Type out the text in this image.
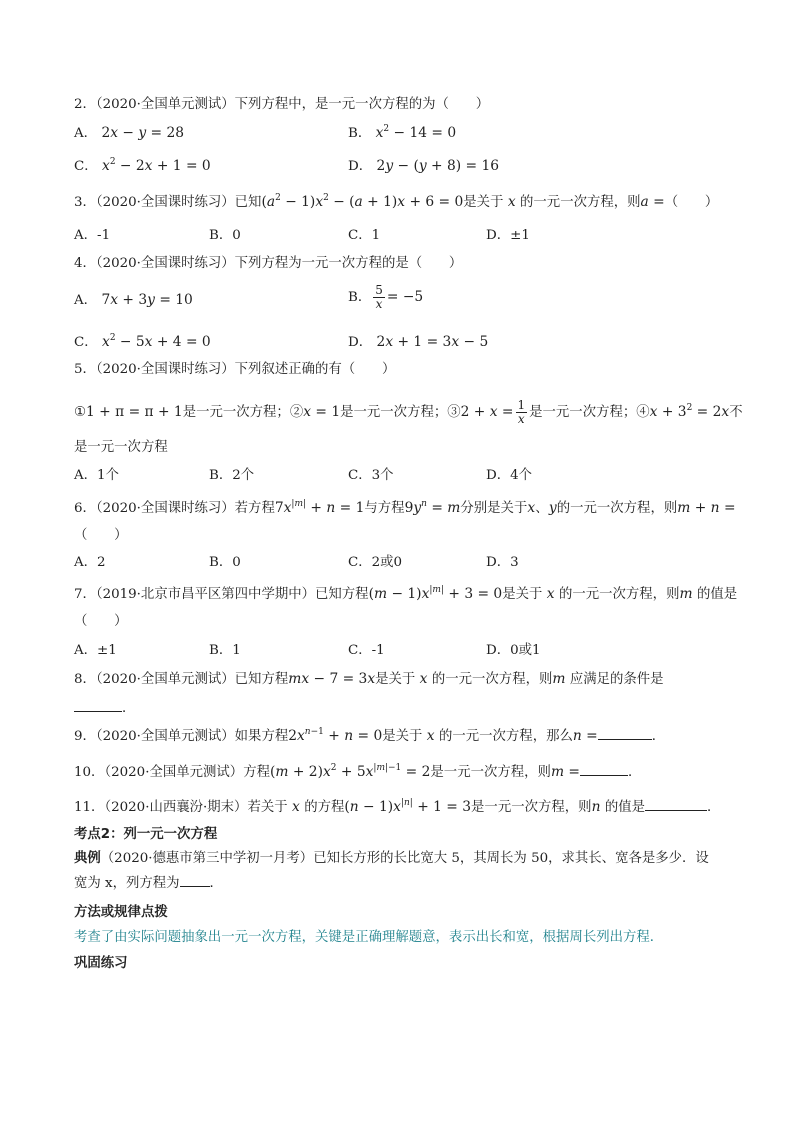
2．（2020·全国单元测试）下列方程中，是一元一次方程的为（　　）
A． 2x − y = 28	B． $x^2 - 14 = 0$
C． $x^2 - 2x + 1 = 0$	D． 2y − (y + 8) = 16
3．（2020·全国课时练习）已知$(a^2 - 1)x^2 - (a + 1)x + 6 = 0$是关于 x 的一元一次方程，则a =（　　）
A．-1	B．0	C．1	D．±1
4．（2020·全国课时练习）下列方程为一元一次方程的是（　　）
A． 7x + 3y = 10	B． $\frac{5}{x} = -5$
C． $x^2 - 5x + 4 = 0$	D． 2x + 1 = 3x − 5
5．（2020·全国课时练习）下列叙述正确的有（　　）
①1 + π = π + 1是一元一次方程；②x = 1是一元一次方程；③2 + $x = \frac{1}{x}$ 是一元一次方程；④x + $3^2 = 2x$不
是一元一次方程
A．1个	B．2个	C．3个	D．4个
6．（2020·全国课时练习）若方程$7x^{|m|} + n = 1$与方程$9y^n = m$分别是关于x、y的一元一次方程，则m + n =
（　　）
A．2	B．0	C．2或0	D．3
7．（2019·北京市昌平区第四中学期中）已知方程$(m - 1)x^{|m|} + 3 = 0$是关于 x 的一元一次方程，则m 的值是
（　　）
A．±1	B．1	C．-1	D．0或1
8．（2020·全国单元测试）已知方程mx − 7 = 3x是关于 x 的一元一次方程，则m 应满足的条件是
．
9．（2020·全国单元测试）如果方程$2x^{n-1} + n = 0$是关于 x 的一元一次方程，那么n =	．
10．（2020·全国单元测试）方程$(m + 2)x^2 + 5x^{|m|-1} = 2$是一元一次方程，则m =	．
11．（2020·山西襄汾·期末）若关于 x 的方程$(n - 1)x^{|n|} + 1 = 3$是一元一次方程，则n 的值是	．
考点2：列一元一次方程
典例（2020·德惠市第三中学初一月考）已知长方形的长比宽大 5，其周长为 50，求其长、宽各是多少．设
宽为 x，列方程为 ．
方法或规律点拨
考查了由实际问题抽象出一元一次方程，关键是正确理解题意，表示出长和宽，根据周长列出方程．
巩固练习
